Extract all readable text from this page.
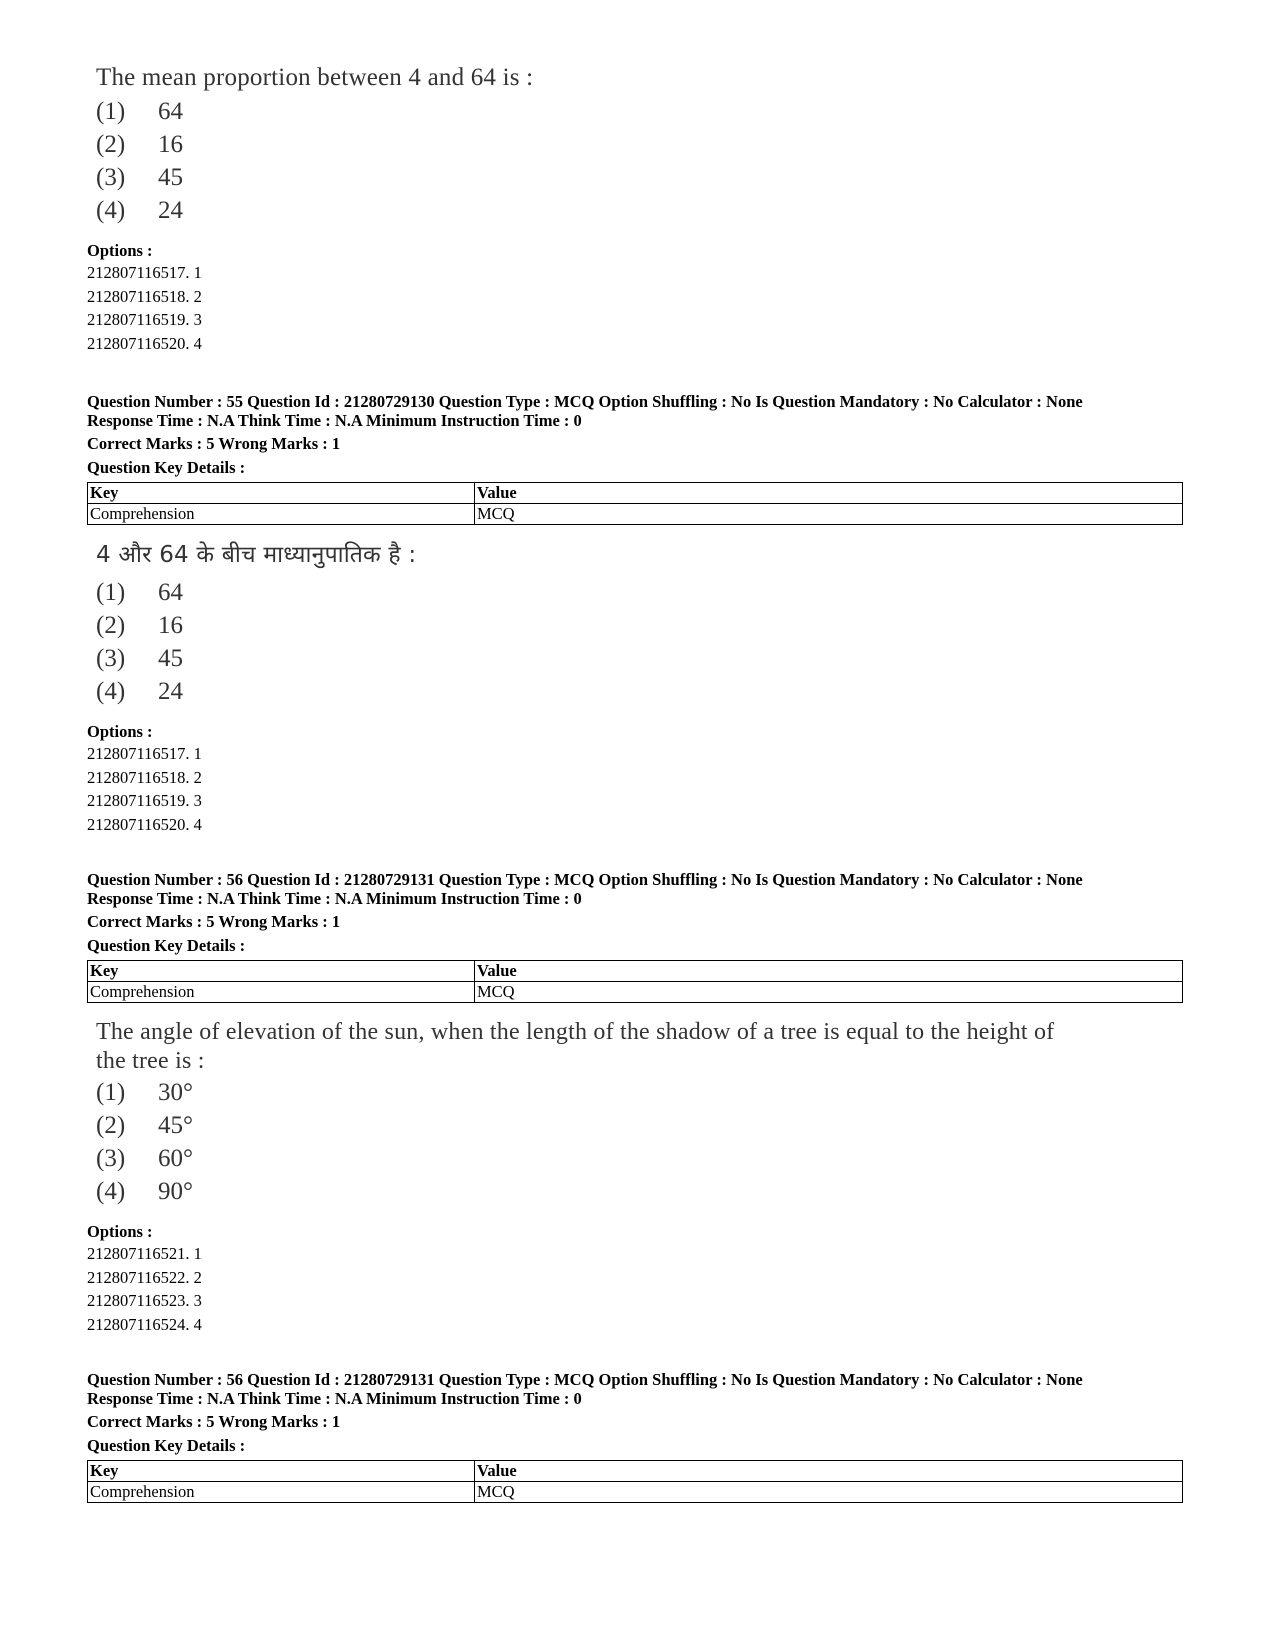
The mean proportion between 4 and 64 is :
(1) 64
(2) 16
(3) 45
(4) 24
Options :
212807116517. 1
212807116518. 2
212807116519. 3
212807116520. 4
Question Number : 55 Question Id : 21280729130 Question Type : MCQ Option Shuffling : No Is Question Mandatory : No Calculator : None
Response Time : N.A Think Time : N.A Minimum Instruction Time : 0
Correct Marks : 5 Wrong Marks : 1
Question Key Details :
Key	Value
Comprehension	MCQ
4 और 64 के बीच माध्यानुपातिक है :
(1) 64
(2) 16
(3) 45
(4) 24
Options :
212807116517. 1
212807116518. 2
212807116519. 3
212807116520. 4
Question Number : 56 Question Id : 21280729131 Question Type : MCQ Option Shuffling : No Is Question Mandatory : No Calculator : None
Response Time : N.A Think Time : N.A Minimum Instruction Time : 0
Correct Marks : 5 Wrong Marks : 1
Question Key Details :
Key	Value
Comprehension	MCQ
The angle of elevation of the sun, when the length of the shadow of a tree is equal to the height of
the tree is :
(1) 30°
(2) 45°
(3) 60°
(4) 90°
Options :
212807116521. 1
212807116522. 2
212807116523. 3
212807116524. 4
Question Number : 56 Question Id : 21280729131 Question Type : MCQ Option Shuffling : No Is Question Mandatory : No Calculator : None
Response Time : N.A Think Time : N.A Minimum Instruction Time : 0
Correct Marks : 5 Wrong Marks : 1
Question Key Details :
Key	Value
Comprehension	MCQ
